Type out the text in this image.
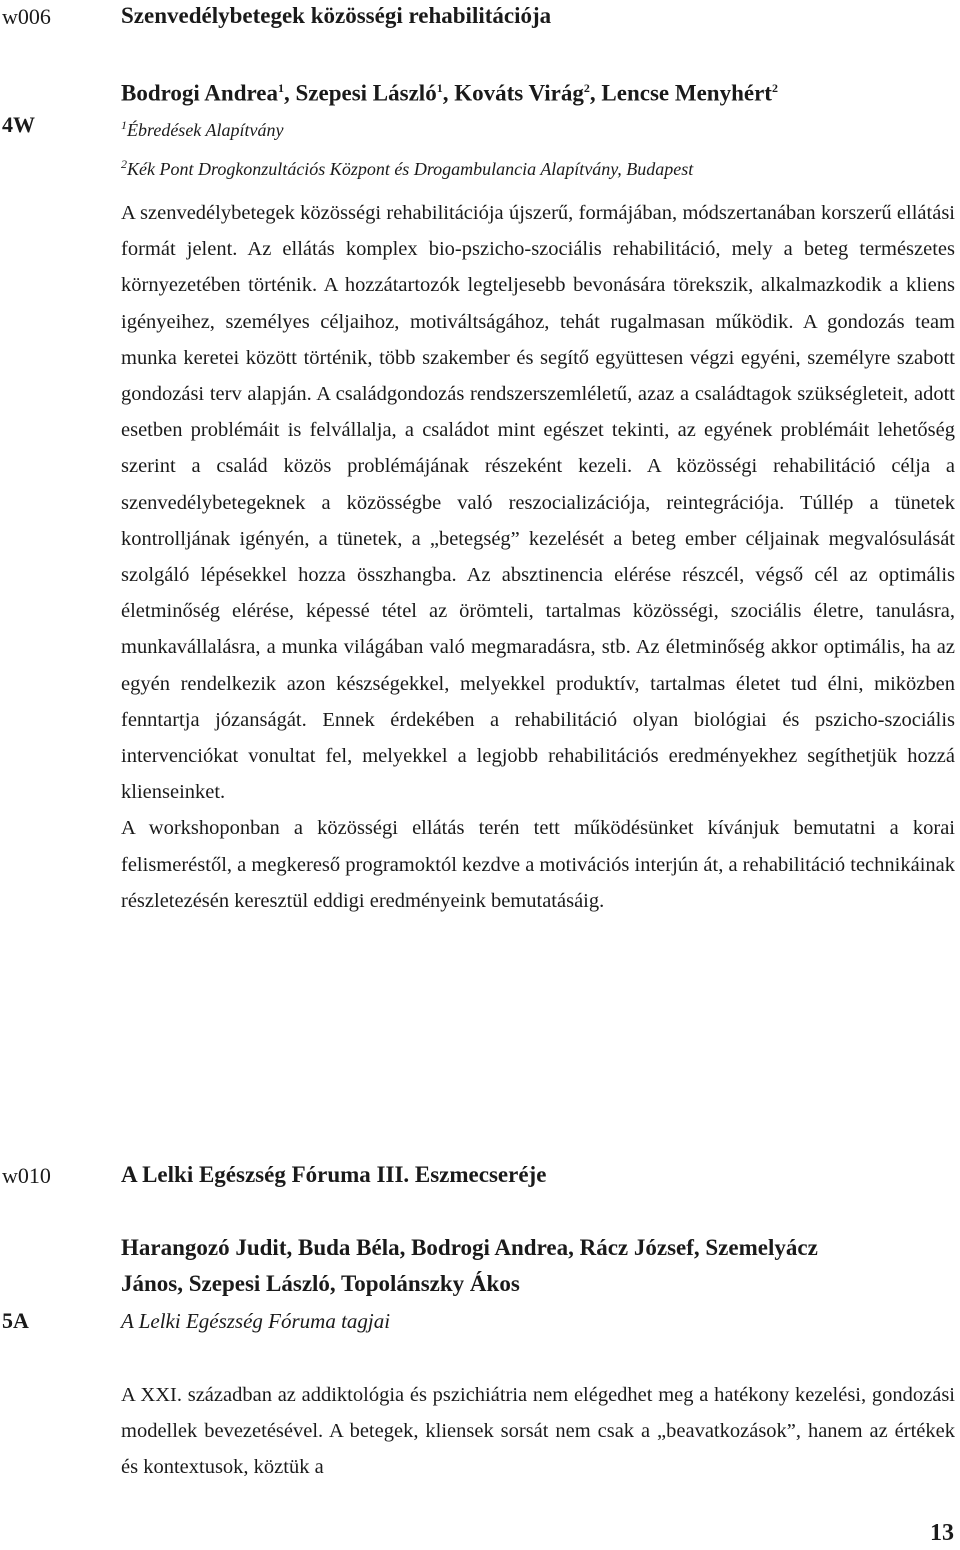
w006	Szenvedélybetegek közösségi rehabilitációja
Bodrogi Andrea$^1$, Szepesi László$^1$, Kováts Virág$^2$, Lencse Menyhért$^2$
4W	$^1$Ébredések Alapítvány
$^2$Kék Pont Drogkonzultációs Központ és Drogambulancia Alapítvány, Budapest

A szenvedélybetegek közösségi rehabilitációja újszerű, formájában, módszertanában korszerű ellátási formát jelent. Az ellátás komplex bio-pszicho-szociális rehabilitáció, mely a beteg természetes környezetében történik. A hozzátartozók legteljesebb bevonására törekszik, alkalmazkodik a kliens igényeihez, személyes céljaihoz, motiváltságához, tehát rugalmasan működik. A gondozás team munka keretei között történik, több szakember és segítő együttesen végzi egyéni, személyre szabott gondozási terv alapján. A családgondozás rendszerszemléletű, azaz a családtagok szükségleteit, adott esetben problémáit is felvállalja, a családot mint egészet tekinti, az egyének problémáit lehetőség szerint a család közös problémájának részeként kezeli. A közösségi rehabilitáció célja a szenvedélybetegeknek a közösségbe való reszocializációja, reintegrációja. Túllép a tünetek kontrolljának igényén, a tünetek, a „betegség” kezelését a beteg ember céljainak megvalósulását szolgáló lépésekkel hozza összhangba. Az absztinencia elérése részcél, végső cél az optimális életminőség elérése, képessé tétel az örömteli, tartalmas közösségi, szociális életre, tanulásra, munkavállalásra, a munka világában való megmaradásra, stb. Az életminőség akkor optimális, ha az egyén rendelkezik azon készségekkel, melyekkel produktív, tartalmas életet tud élni, miközben fenntartja józanságát. Ennek érdekében a rehabilitáció olyan biológiai és pszicho-szociális intervenciókat vonultat fel, melyekkel a legjobb rehabilitációs eredményekhez segíthetjük hozzá klienseinket.

A workshoponban a közösségi ellátás terén tett működésünket kívánjuk bemutatni a korai felismeréstől, a megkereső programoktól kezdve a motivációs interjún át, a rehabilitáció technikáinak részletezésén keresztül eddigi eredményeink bemutatásáig.

w010	A Lelki Egészség Fóruma III. Eszmecseréje
Harangozó Judit, Buda Béla, Bodrogi Andrea, Rácz József, Szemelyácz
János, Szepesi László, Topolánszky Ákos
5A	A Lelki Egészség Fóruma tagjai

A XXI. században az addiktológia és pszichiátria nem elégedhet meg a hatékony kezelési, gondozási modellek bevezetésével. A betegek, kliensek sorsát nem csak a „beavatkozások”, hanem az értékek és kontextusok, köztük a

13
